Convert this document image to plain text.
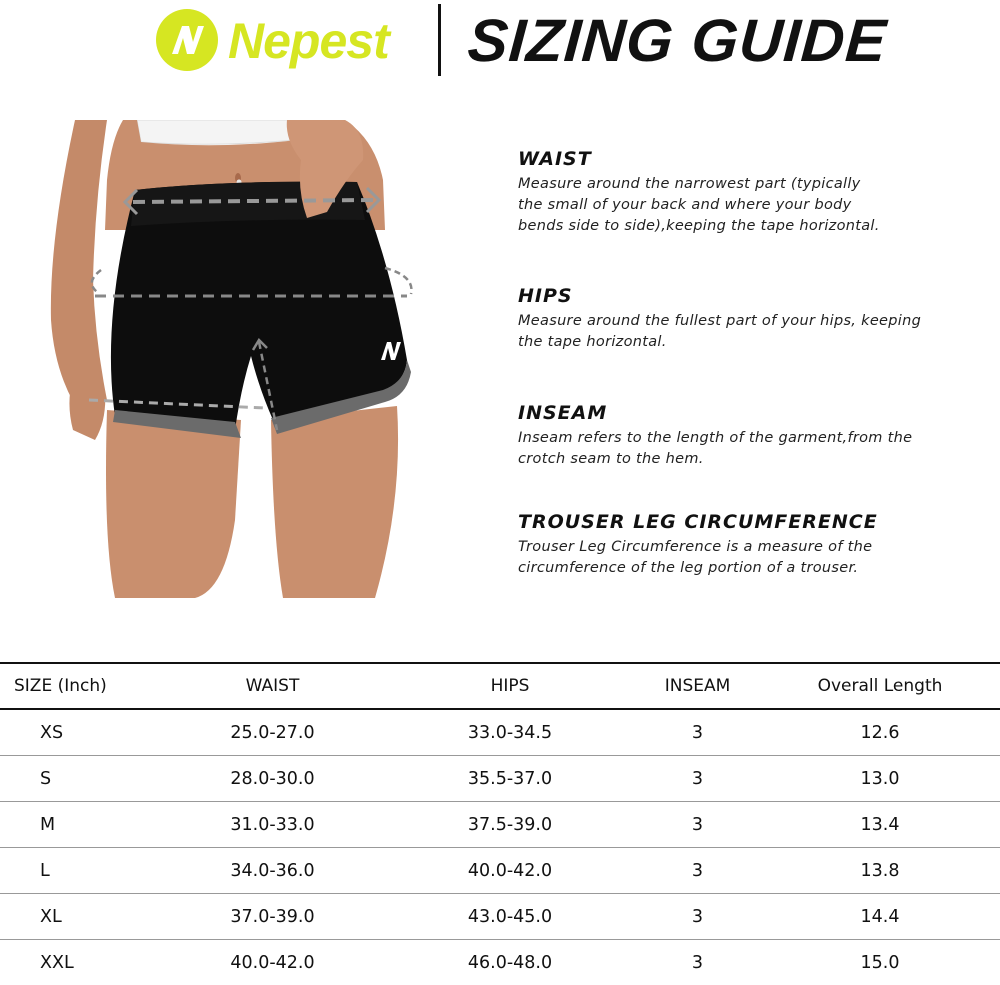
Nepest SIZING GUIDE
WAIST

Measure around the narrowest part (typically
the small of your back and where your body
bends side to side),keeping the tape horizontal.

HIPS

Measure around the fullest part of your hips, keeping
the tape horizontal.

INSEAM

Inseam refers to the length of the garment,from the
crotch seam to the hem.

TROUSER LEG CIRCUMFERENCE

Trouser Leg Circumference is a measure of the
circumference of the leg portion of a trouser.

SIZE (Inch)	WAIST	HIPS	INSEAM	Overall Length
XS	25.0-27.0	33.0-34.5	3	12.6
S	28.0-30.0	35.5-37.0	3	13.0
M	31.0-33.0	37.5-39.0	3	13.4
L	34.0-36.0	40.0-42.0	3	13.8
XL	37.0-39.0	43.0-45.0	3	14.4
XXL	40.0-42.0	46.0-48.0	3	15.0
